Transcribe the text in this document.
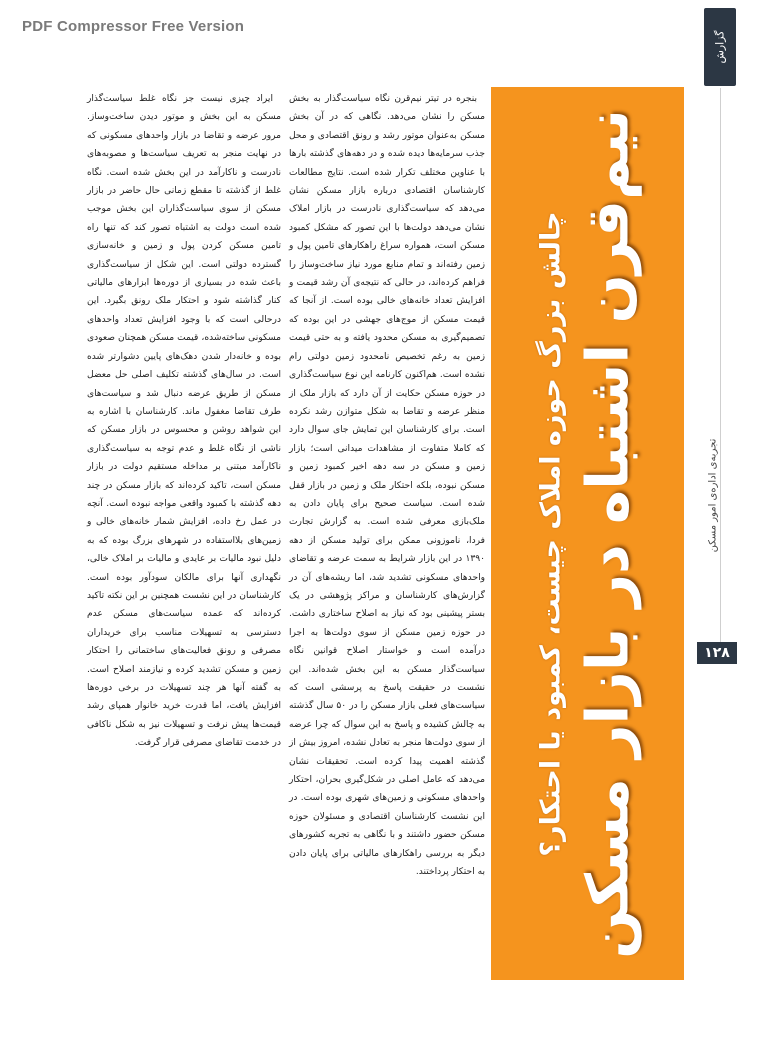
PDF Compressor Free Version

گزارش
تجربه‌ی اداره‌ی امور مسکن
۱۲۸

چالش بزرگ حوزه املاک چیست، کمبود یا احتکار؟ نیم‌قرن اشتباه در بازار مسکن

بنجره در تیتر نیم‌قرن نگاه سیاست‌گذار به بخش مسکن را نشان می‌دهد. نگاهی که در آن بخش مسکن به‌عنوان موتور رشد و رونق اقتصادی و محل جذب سرمایه‌ها دیده شده و در دهه‌های گذشته بارها با عناوین مختلف تکرار شده است. نتایج مطالعات کارشناسان اقتصادی درباره بازار مسکن نشان می‌دهد که سیاست‌گذاری نادرست در بازار املاک نشان می‌دهد دولت‌ها با این تصور که مشکل کمبود مسکن است، همواره سراغ راهکارهای تامین پول و زمین رفته‌اند و تمام منابع مورد نیاز ساخت‌وساز را فراهم کرده‌اند، در حالی که نتیجه‌ی آن رشد قیمت و افزایش تعداد خانه‌های خالی بوده است. از آنجا که قیمت مسکن از موج‌های جهشی در این بوده که تصمیم‌گیری به مسکن محدود یافته و به حتی قیمت زمین به رغم تخصیص نامحدود زمین دولتی رام نشده است. هم‌اکنون کارنامه این نوع سیاست‌گذاری در حوزه مسکن حکایت از آن دارد که بازار ملک از منظر عرضه و تقاضا به شکل متوازن رشد نکرده است. برای کارشناسان این تمایش جای سوال دارد که کاملا متفاوت از مشاهدات میدانی است؛ بازار زمین و مسکن در سه دهه اخیر کمبود زمین و مسکن نبوده، بلکه احتکار ملک و زمین در بازار قفل شده است. سیاست صحیح برای پایان دادن به ملک‌بازی معرفی شده است. به گزارش تجارت فردا، ناموزونی ممکن برای تولید مسکن از دهه ۱۳۹۰ در این بازار شرایط به سمت عرضه و تقاضای واحدهای مسکونی تشدید شد، اما ریشه‌های آن در گزارش‌های کارشناسان و مراکز پژوهشی در یک بستر پیشینی بود که نیاز به اصلاح ساختاری داشت. در حوزه زمین مسکن از سوی دولت‌ها به اجرا درآمده است و خواستار اصلاح قوانین نگاه سیاست‌گذار مسکن به این بخش شده‌اند. این نشست در حقیقت پاسخ به پرسشی است که سیاست‌های فعلی بازار مسکن را در ۵۰ سال گذشته به چالش کشیده و پاسخ به این سوال که چرا عرضه از سوی دولت‌ها منجر به تعادل نشده، امروز بیش از گذشته اهمیت پیدا کرده است. تحقیقات نشان می‌دهد که عامل اصلی در شکل‌گیری بحران، احتکار واحدهای مسکونی و زمین‌های شهری بوده است. در این نشست کارشناسان اقتصادی و مسئولان حوزه مسکن حضور داشتند و با نگاهی به تجربه کشورهای دیگر به بررسی راهکارهای مالیاتی برای پایان دادن به احتکار پرداختند.

ایراد چیزی نیست جز نگاه غلط سیاست‌گذار مسکن به این بخش و موتور دیدن ساخت‌وساز. مرور عرضه و تقاضا در بازار واحدهای مسکونی که در نهایت منجر به تعریف سیاست‌ها و مصوبه‌های نادرست و ناکارآمد در این بخش شده است. نگاه غلط از گذشته تا مقطع زمانی حال حاضر در بازار مسکن از سوی سیاست‌گذاران این بخش موجب شده است دولت به اشتباه تصور کند که تنها راه تامین مسکن کردن پول و زمین و خانه‌سازی گسترده دولتی است. این شکل از سیاست‌گذاری باعث شده در بسیاری از دوره‌ها ابزارهای مالیاتی کنار گذاشته شود و احتکار ملک رونق بگیرد. این درحالی است که با وجود افزایش تعداد واحدهای مسکونی ساخته‌شده، قیمت مسکن همچنان صعودی بوده و خانه‌دار شدن دهک‌های پایین دشوارتر شده است. در سال‌های گذشته تکلیف اصلی حل معضل مسکن از طریق عرضه دنبال شد و سیاست‌های طرف تقاضا مغفول ماند. کارشناسان با اشاره به این شواهد روشن و محسوس در بازار مسکن که ناشی از نگاه غلط و عدم توجه به سیاست‌گذاری ناکارآمد مبتنی بر مداخله مستقیم دولت در بازار مسکن است، تاکید کرده‌اند که بازار مسکن در چند دهه گذشته با کمبود واقعی مواجه نبوده است. آنچه در عمل رخ داده، افزایش شمار خانه‌های خالی و زمین‌های بلااستفاده در شهرهای بزرگ بوده که به دلیل نبود مالیات بر عایدی و مالیات بر املاک خالی، نگهداری آنها برای مالکان سودآور بوده است. کارشناسان در این نشست همچنین بر این نکته تاکید کرده‌اند که عمده سیاست‌های مسکن عدم دسترسی به تسهیلات مناسب برای خریداران مصرفی و رونق فعالیت‌های ساختمانی را احتکار زمین و مسکن تشدید کرده و نیازمند اصلاح است. به گفته آنها هر چند تسهیلات در برخی دوره‌ها افزایش یافت، اما قدرت خرید خانوار همپای رشد قیمت‌ها پیش نرفت و تسهیلات نیز به شکل ناکافی در خدمت تقاضای مصرفی قرار گرفت.
